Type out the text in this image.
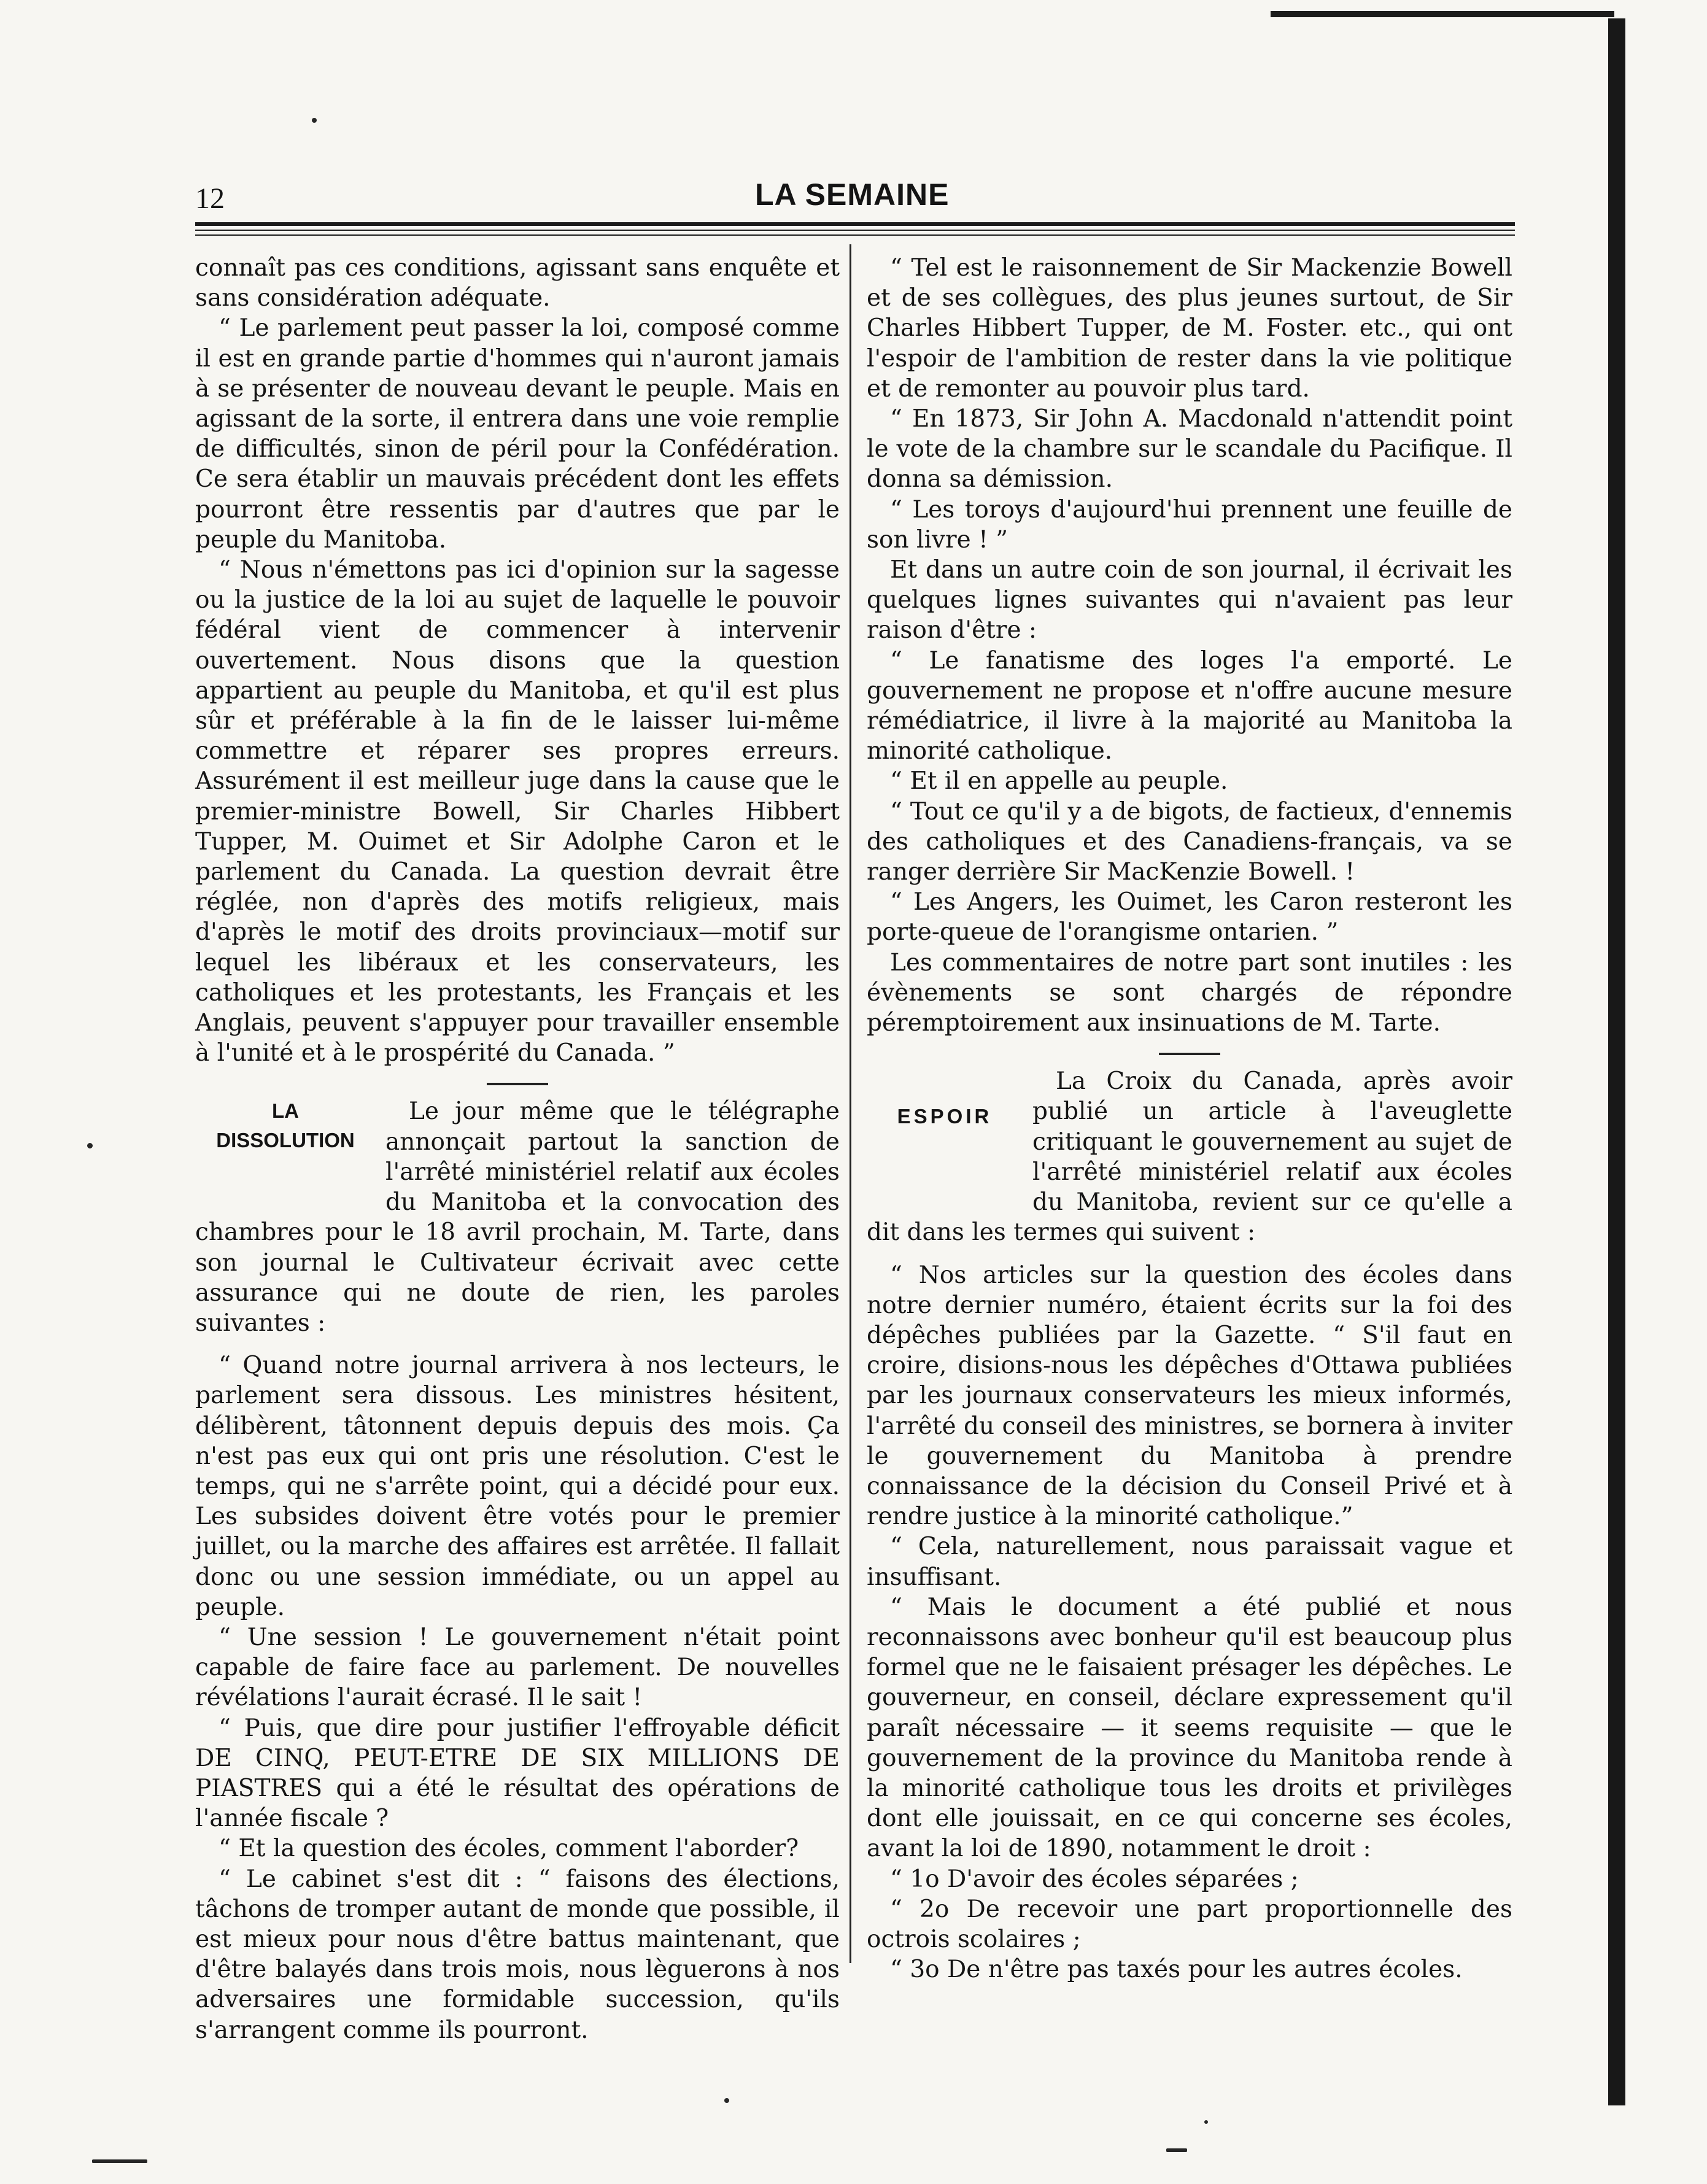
12	LA SEMAINE

connaît pas ces conditions, agissant sans enquête et sans considération adéquate.

“ Le parlement peut passer la loi, composé comme il est en grande partie d'hommes qui n'auront jamais à se présenter de nouveau devant le peuple. Mais en agissant de la sorte, il entrera dans une voie remplie de difficultés, sinon de péril pour la Confédération. Ce sera établir un mauvais précédent dont les effets pourront être ressentis par d'autres que par le peuple du Manitoba.

“ Nous n'émettons pas ici d'opinion sur la sagesse ou la justice de la loi au sujet de laquelle le pouvoir fédéral vient de commencer à intervenir ouvertement. Nous disons que la question appartient au peuple du Manitoba, et qu'il est plus sûr et préférable à la fin de le laisser lui-même commettre et réparer ses propres erreurs. Assurément il est meilleur juge dans la cause que le premier-ministre Bowell, Sir Charles Hibbert Tupper, M. Ouimet et Sir Adolphe Caron et le parlement du Canada. La question devrait être réglée, non d'après des motifs religieux, mais d'après le motif des droits provinciaux—motif sur lequel les libéraux et les conservateurs, les catholiques et les protestants, les Français et les Anglais, peuvent s'appuyer pour travailler ensemble à l'unité et à le prospérité du Canada. ”

LA
DISSOLUTION

Le jour même que le télégraphe annonçait partout la sanction de l'arrêté ministériel relatif aux écoles du Manitoba et la convocation des chambres pour le 18 avril prochain, M. Tarte, dans son journal le Cultivateur écrivait avec cette assurance qui ne doute de rien, les paroles suivantes :

“ Quand notre journal arrivera à nos lecteurs, le parlement sera dissous. Les ministres hésitent, délibèrent, tâtonnent depuis depuis des mois. Ça n'est pas eux qui ont pris une résolution. C'est le temps, qui ne s'arrête point, qui a décidé pour eux. Les subsides doivent être votés pour le premier juillet, ou la marche des affaires est arrêtée. Il fallait donc ou une session immédiate, ou un appel au peuple.

“ Une session ! Le gouvernement n'était point capable de faire face au parlement. De nouvelles révélations l'aurait écrasé. Il le sait !

“ Puis, que dire pour justifier l'effroyable déficit DE CINQ, PEUT-ETRE DE SIX MILLIONS DE PIASTRES qui a été le résultat des opérations de l'année fiscale ?

“ Et la question des écoles, comment l'aborder?

“ Le cabinet s'est dit : “ faisons des élections, tâchons de tromper autant de monde que possible, il est mieux pour nous d'être battus maintenant, que d'être balayés dans trois mois, nous lèguerons à nos adversaires une formidable succession, qu'ils s'arrangent comme ils pourront.

“ Tel est le raisonnement de Sir Mackenzie Bowell et de ses collègues, des plus jeunes surtout, de Sir Charles Hibbert Tupper, de M. Foster. etc., qui ont l'espoir de l'ambition de rester dans la vie politique et de remonter au pouvoir plus tard.

“ En 1873, Sir John A. Macdonald n'attendit point le vote de la chambre sur le scandale du Pacifique. Il donna sa démission.

“ Les toroys d'aujourd'hui prennent une feuille de son livre ! ”

Et dans un autre coin de son journal, il écrivait les quelques lignes suivantes qui n'avaient pas leur raison d'être :

“ Le fanatisme des loges l'a emporté. Le gouvernement ne propose et n'offre aucune mesure rémédiatrice, il livre à la majorité au Manitoba la minorité catholique.

“ Et il en appelle au peuple.

“ Tout ce qu'il y a de bigots, de factieux, d'ennemis des catholiques et des Canadiens-français, va se ranger derrière Sir MacKenzie Bowell. !

“ Les Angers, les Ouimet, les Caron resteront les porte-queue de l'orangisme ontarien. ”

Les commentaires de notre part sont inutiles : les évènements se sont chargés de répondre péremptoirement aux insinuations de M. Tarte.

ESPOIR

La Croix du Canada, après avoir publié un article à l'aveuglette critiquant le gouvernement au sujet de l'arrêté ministériel relatif aux écoles du Manitoba, revient sur ce qu'elle a dit dans les termes qui suivent :

“ Nos articles sur la question des écoles dans notre dernier numéro, étaient écrits sur la foi des dépêches publiées par la Gazette. “ S'il faut en croire, disions-nous les dépêches d'Ottawa publiées par les journaux conservateurs les mieux informés, l'arrêté du conseil des ministres, se bornera à inviter le gouvernement du Manitoba à prendre connaissance de la décision du Conseil Privé et à rendre justice à la minorité catholique.”

“ Cela, naturellement, nous paraissait vague et insuffisant.

“ Mais le document a été publié et nous reconnaissons avec bonheur qu'il est beaucoup plus formel que ne le faisaient présager les dépêches. Le gouverneur, en conseil, déclare expressement qu'il paraît nécessaire — it seems requisite — que le gouvernement de la province du Manitoba rende à la minorité catholique tous les droits et privilèges dont elle jouissait, en ce qui concerne ses écoles, avant la loi de 1890, notamment le droit :

“ 1o D'avoir des écoles séparées ;

“ 2o De recevoir une part proportionnelle des octrois scolaires ;

“ 3o De n'être pas taxés pour les autres écoles.
